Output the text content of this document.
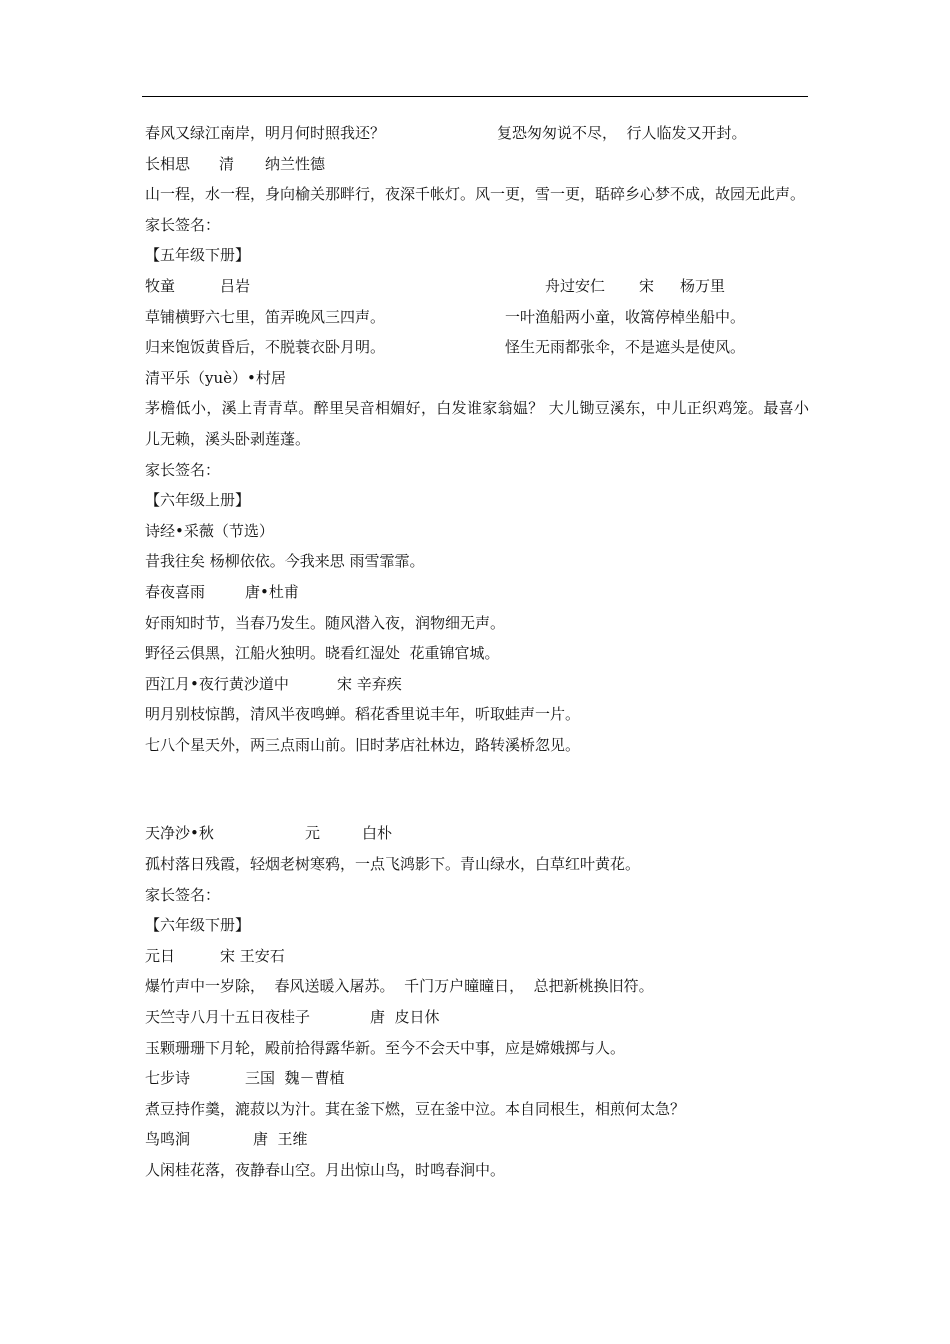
春风又绿江南岸，明月何时照我还？	复恐匆匆说不尽，  行人临发又开封。
长相思 清 纳兰性德
山一程，水一程，身向榆关那畔行，夜深千帐灯。风一更，雪一更，聒碎乡心梦不成，故园无此声。
家长签名：
【五年级下册】
牧童	吕岩	舟过安仁 宋 杨万里
草铺横野六七里，笛弄晚风三四声。	一叶渔船两小童，收篙停棹坐船中。
归来饱饭黄昏后，不脱蓑衣卧月明。	怪生无雨都张伞，不是遮头是使风。
清平乐（yuè）•村居
茅檐低小，溪上青青草。醉里吴音相媚好，白发谁家翁媪？ 大儿锄豆溪东，中儿正织鸡笼。最喜小儿无赖，溪头卧剥莲蓬。
家长签名：
【六年级上册】
诗经•采薇（节选）
昔我往矣 杨柳依依。今我来思 雨雪霏霏。
春夜喜雨	唐•杜甫
好雨知时节，当春乃发生。随风潜入夜，润物细无声。
野径云俱黑，江船火独明。晓看红湿处  花重锦官城。
西江月•夜行黄沙道中	宋 辛弃疾
明月别枝惊鹊，清风半夜鸣蝉。稻花香里说丰年，听取蛙声一片。
七八个星天外，两三点雨山前。旧时茅店社林边，路转溪桥忽见。
天净沙•秋	元	白朴
孤村落日残霞，轻烟老树寒鸦，一点飞鸿影下。青山绿水，白草红叶黄花。
家长签名：
【六年级下册】
元日	宋 王安石
爆竹声中一岁除，  春风送暖入屠苏。  千门万户曈曈日，  总把新桃换旧符。
天竺寺八月十五日夜桂子	唐  皮日休
玉颗珊珊下月轮，殿前拾得露华新。至今不会天中事，应是嫦娥掷与人。
七步诗	三国  魏－曹植
煮豆持作羹，漉菽以为汁。萁在釜下燃，豆在釜中泣。本自同根生，相煎何太急？
鸟鸣涧	唐  王维
人闲桂花落，夜静春山空。月出惊山鸟，时鸣春涧中。
